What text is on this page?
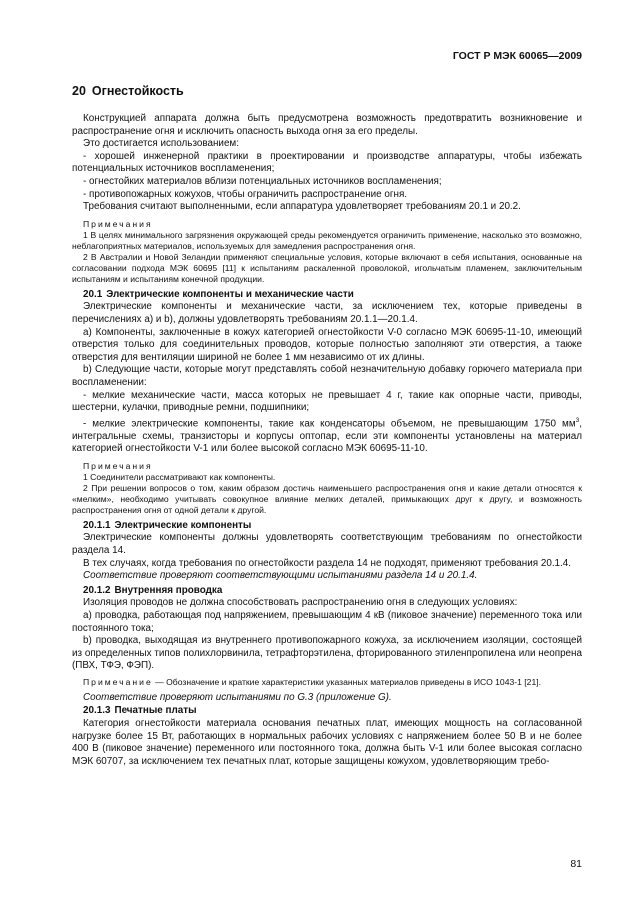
ГОСТ Р МЭК 60065—2009
20 Огнестойкость

Конструкцией аппарата должна быть предусмотрена возможность предотвратить возникновение и распространение огня и исключить опасность выхода огня за его пределы.

Это достигается использованием:

- хорошей инженерной практики в проектировании и производстве аппаратуры, чтобы избежать потенциальных источников воспламенения;

- огнестойких материалов вблизи потенциальных источников воспламенения;

- противопожарных кожухов, чтобы ограничить распространение огня.

Требования считают выполненными, если аппаратура удовлетворяет требованиям 20.1 и 20.2.

Примечания

1 В целях минимального загрязнения окружающей среды рекомендуется ограничить применение, насколько это возможно, неблагоприятных материалов, используемых для замедления распространения огня.

2 В Австралии и Новой Зеландии применяют специальные условия, которые включают в себя испытания, основанные на согласовании подхода МЭК 60695 [11] к испытаниям раскаленной проволокой, игольчатым пламенем, заключительным испытаниям и испытаниям конечной продукции.

20.1 Электрические компоненты и механические части

Электрические компоненты и механические части, за исключением тех, которые приведены в перечислениях a) и b), должны удовлетворять требованиям 20.1.1—20.1.4.

a) Компоненты, заключенные в кожух категорией огнестойкости V-0 согласно МЭК 60695-11-10, имеющий отверстия только для соединительных проводов, которые полностью заполняют эти отверстия, а также отверстия для вентиляции шириной не более 1 мм независимо от их длины.

b) Следующие части, которые могут представлять собой незначительную добавку горючего материала при воспламенении:

- мелкие механические части, масса которых не превышает 4 г, такие как опорные части, приводы, шестерни, кулачки, приводные ремни, подшипники;

- мелкие электрические компоненты, такие как конденсаторы объемом, не превышающим 1750 $мм^3$, интегральные схемы, транзисторы и корпусы оптопар, если эти компоненты установлены на материал категорией огнестойкости V-1 или более высокой согласно МЭК 60695-11-10.

Примечания

1 Соединители рассматривают как компоненты.

2 При решении вопросов о том, каким образом достичь наименьшего распространения огня и какие детали относятся к «мелким», необходимо учитывать совокупное влияние мелких деталей, примыкающих друг к другу, и возможность распространения огня от одной детали к другой.

20.1.1 Электрические компоненты

Электрические компоненты должны удовлетворять соответствующим требованиям по огнестойкости раздела 14.

В тех случаях, когда требования по огнестойкости раздела 14 не подходят, применяют требования 20.1.4.

Соответствие проверяют соответствующими испытаниями раздела 14 и 20.1.4.

20.1.2 Внутренняя проводка

Изоляция проводов не должна способствовать распространению огня в следующих условиях:

a) проводка, работающая под напряжением, превышающим 4 кВ (пиковое значение) переменного тока или постоянного тока;

b) проводка, выходящая из внутреннего противопожарного кожуха, за исключением изоляции, состоящей из определенных типов полихлорвинила, тетрафторэтилена, фторированного этиленпропилена или неопрена (ПВХ, ТФЭ, ФЭП).

Примечание — Обозначение и краткие характеристики указанных материалов приведены в ИСО 1043-1 [21].

Соответствие проверяют испытаниями по G.3 (приложение G).

20.1.3 Печатные платы

Категория огнестойкости материала основания печатных плат, имеющих мощность на согласованной нагрузке более 15 Вт, работающих в нормальных рабочих условиях с напряжением более 50 В и не более 400 В (пиковое значение) переменного или постоянного тока, должна быть V-1 или более высокая согласно МЭК 60707, за исключением тех печатных плат, которые защищены кожухом, удовлетворяющим требо-

81
